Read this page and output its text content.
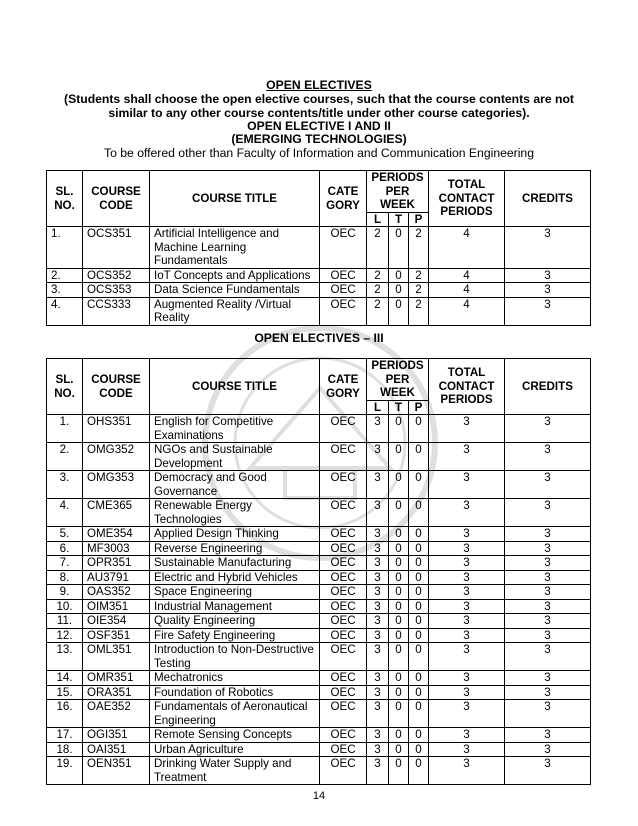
OPEN ELECTIVES
(Students shall choose the open elective courses, such that the course contents are not
similar to any other course contents/title under other course categories).
OPEN ELECTIVE I AND II
(EMERGING TECHNOLOGIES)
To be offered other than Faculty of Information and Communication Engineering
SL. NO.	COURSE CODE	COURSE TITLE	CATE GORY	PERIODS PER WEEK			TOTAL CONTACT PERIODS	CREDITS
				L	T	P		
1.	OCS351	Artificial Intelligence and Machine Learning Fundamentals	OEC	2	0	2	4	3
2.	OCS352	IoT Concepts and Applications	OEC	2	0	2	4	3
3.	OCS353	Data Science Fundamentals	OEC	2	0	2	4	3
4.	CCS333	Augmented Reality /Virtual Reality	OEC	2	0	2	4	3
OPEN ELECTIVES – III
SL. NO.	COURSE CODE	COURSE TITLE	CATE GORY	PERIODS PER WEEK			TOTAL CONTACT PERIODS	CREDITS
				L	T	P		
1.	OHS351	English for Competitive Examinations	OEC	3	0	0	3	3
2.	OMG352	NGOs and Sustainable Development	OEC	3	0	0	3	3
3.	OMG353	Democracy and Good Governance	OEC	3	0	0	3	3
4.	CME365	Renewable Energy Technologies	OEC	3	0	0	3	3
5.	OME354	Applied Design Thinking	OEC	3	0	0	3	3
6.	MF3003	Reverse Engineering	OEC	3	0	0	3	3
7.	OPR351	Sustainable Manufacturing	OEC	3	0	0	3	3
8.	AU3791	Electric and Hybrid Vehicles	OEC	3	0	0	3	3
9.	OAS352	Space Engineering	OEC	3	0	0	3	3
10.	OIM351	Industrial Management	OEC	3	0	0	3	3
11.	OIE354	Quality Engineering	OEC	3	0	0	3	3
12.	OSF351	Fire Safety Engineering	OEC	3	0	0	3	3
13.	OML351	Introduction to Non-Destructive Testing	OEC	3	0	0	3	3
14.	OMR351	Mechatronics	OEC	3	0	0	3	3
15.	ORA351	Foundation of Robotics	OEC	3	0	0	3	3
16.	OAE352	Fundamentals of Aeronautical Engineering	OEC	3	0	0	3	3
17.	OGI351	Remote Sensing Concepts	OEC	3	0	0	3	3
18.	OAI351	Urban Agriculture	OEC	3	0	0	3	3
19.	OEN351	Drinking Water Supply and Treatment	OEC	3	0	0	3	3
14
